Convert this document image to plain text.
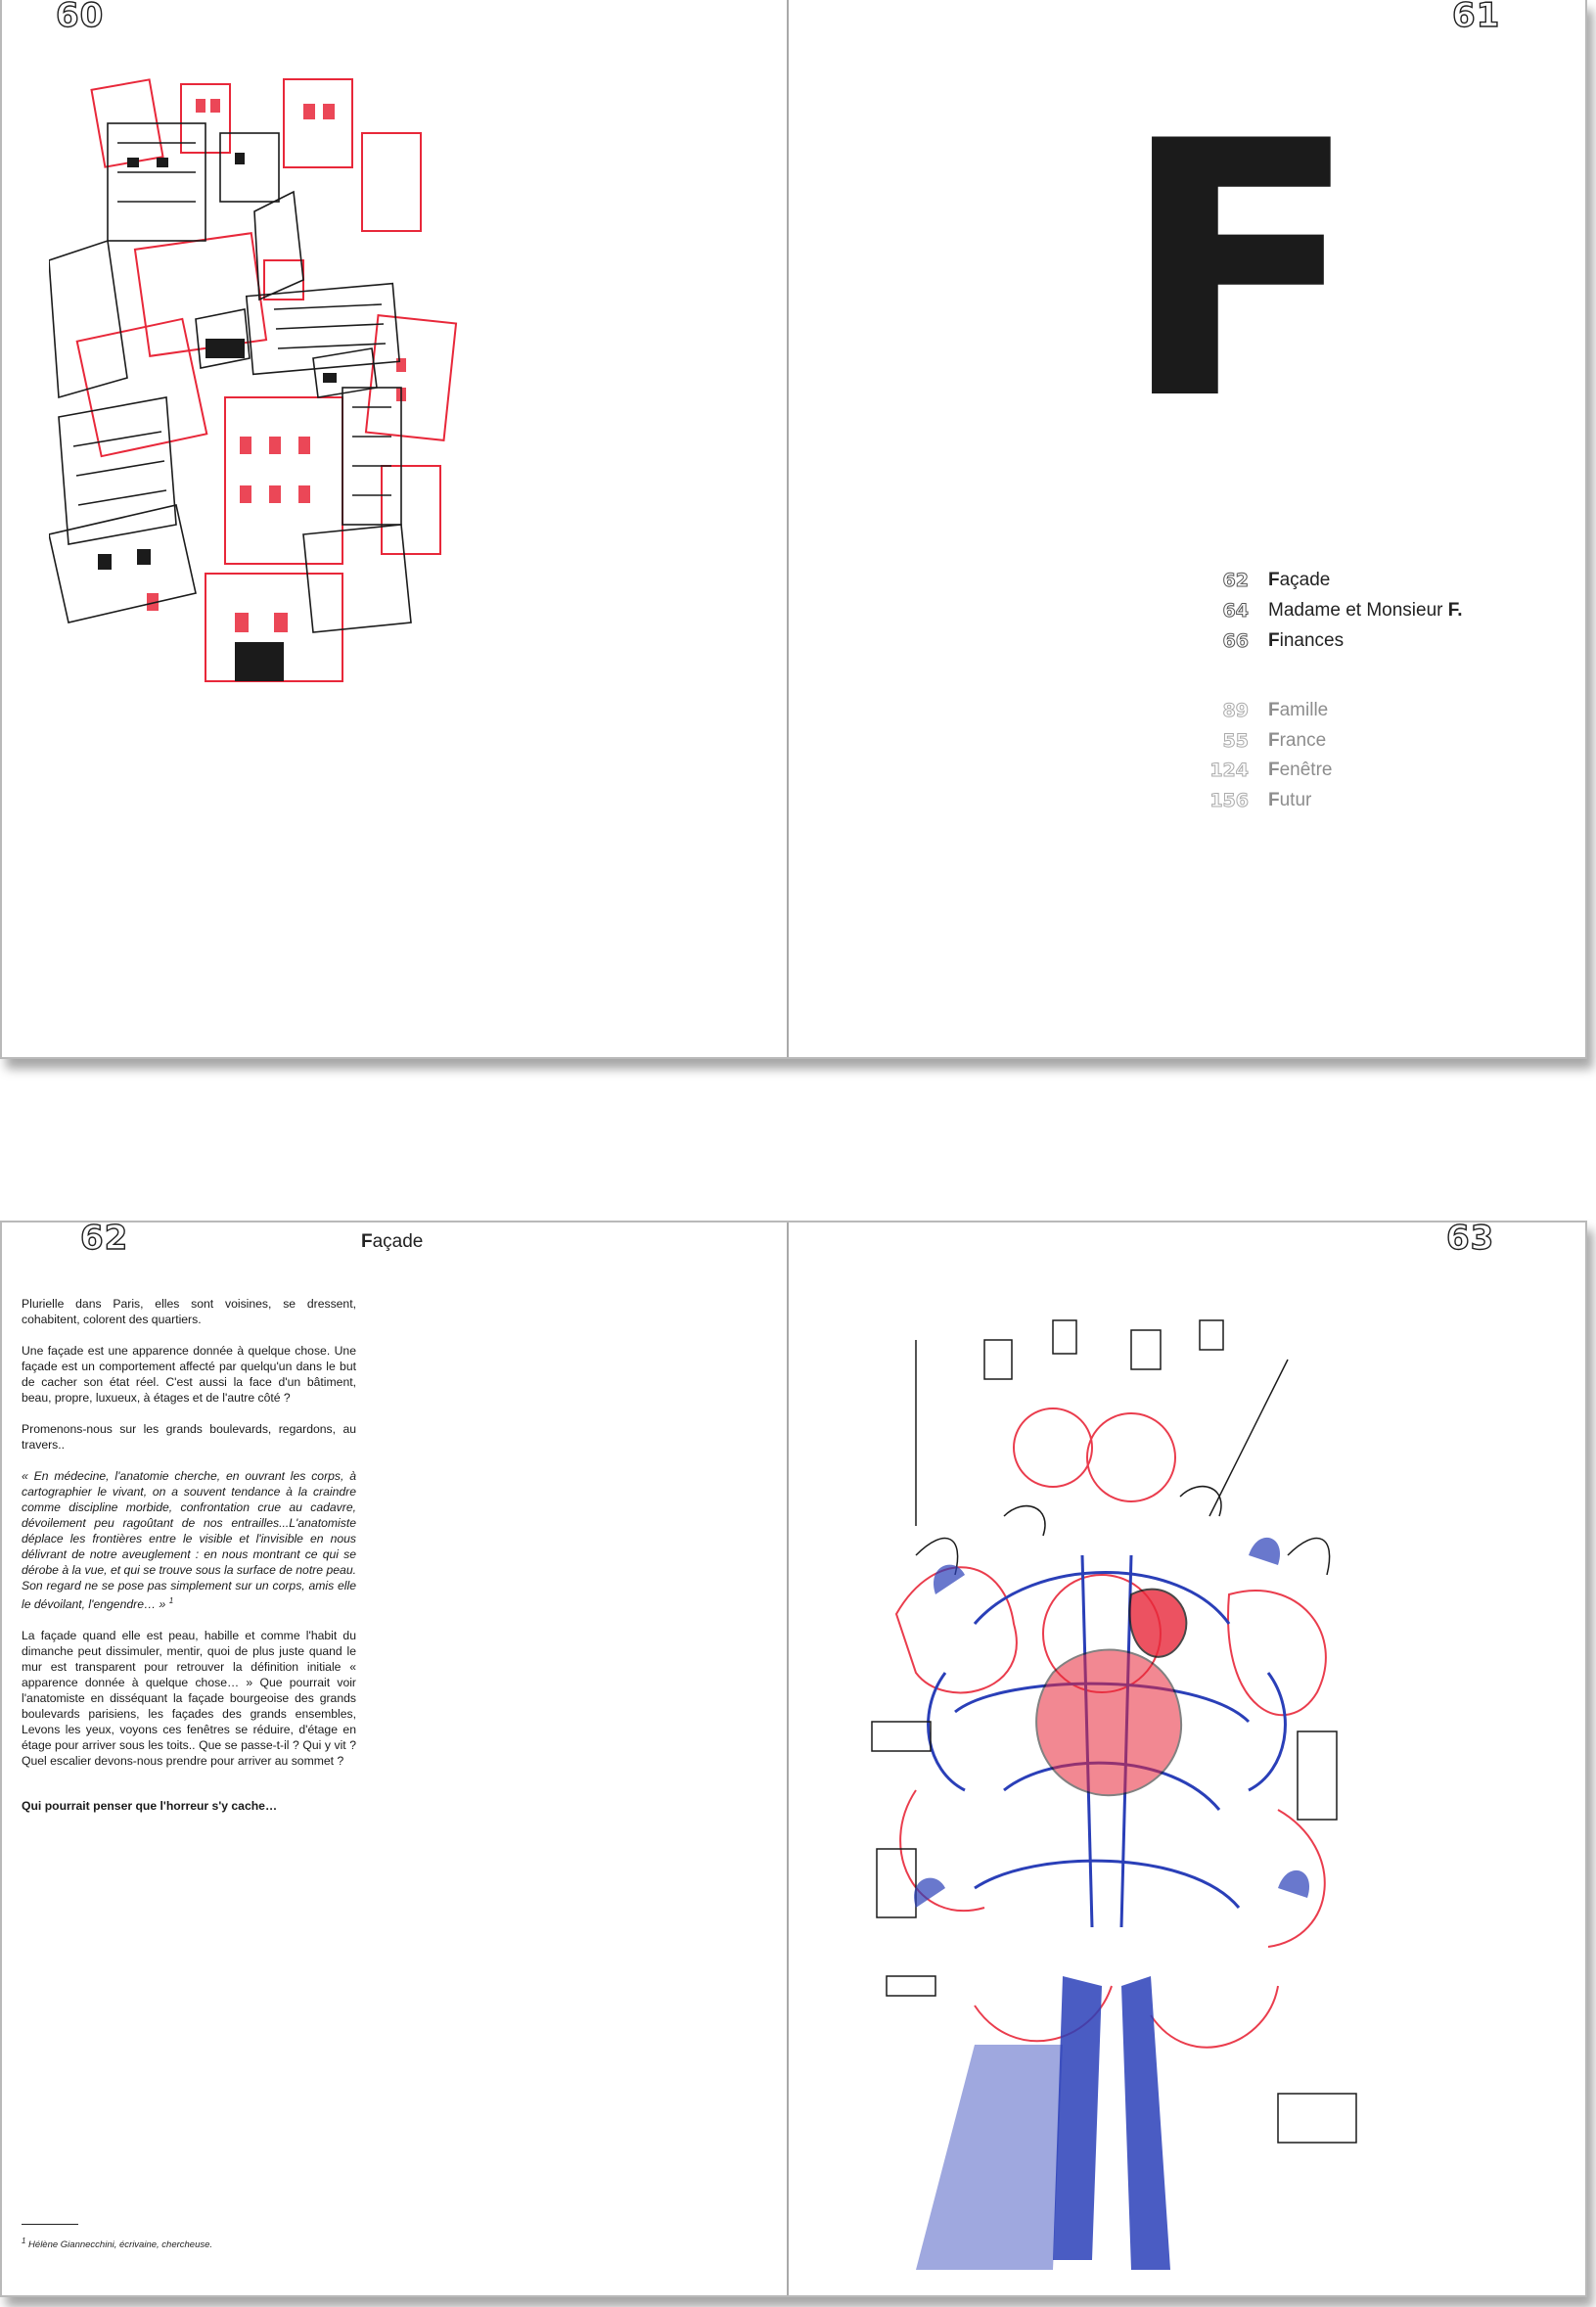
60	61
F
62 Façade
64 Madame et Monsieur F.
66 Finances
89 Famille
55 France
124 Fenêtre
156 Futur
62	Façade

Plurielle dans Paris, elles sont voisines, se dressent, cohabitent, colorent des quartiers.

Une façade est une apparence donnée à quelque chose. Une façade est un comportement affecté par quelqu'un dans le but de cacher son état réel. C'est aussi la face d'un bâtiment, beau, propre, luxueux, à étages et de l'autre côté ?

Promenons-nous sur les grands boulevards, regardons, au travers..

« En médecine, l'anatomie cherche, en ouvrant les corps, à cartographier le vivant, on a souvent tendance à la craindre comme discipline morbide, confrontation crue au cadavre, dévoilement peu ragoûtant de nos entrailles...L'anatomiste déplace les frontières entre le visible et l'invisible en nous délivrant de notre aveuglement : en nous montrant ce qui se dérobe à la vue, et qui se trouve sous la surface de notre peau. Son regard ne se pose pas simplement sur un corps, amis elle le dévoilant, l'engendre… » $^1$

La façade quand elle est peau, habille et comme l'habit du dimanche peut dissimuler, mentir, quoi de plus juste quand le mur est transparent pour retrouver la définition initiale « apparence donnée à quelque chose… » Que pourrait voir l'anatomiste en disséquant la façade bourgeoise des grands boulevards parisiens, les façades des grands ensembles, Levons les yeux, voyons ces fenêtres se réduire, d'étage en étage pour arriver sous les toits.. Que se passe-t-il ? Qui y vit ? Quel escalier devons-nous prendre pour arriver au sommet ?

Qui pourrait penser que l'horreur s'y cache…

$^1$ Hélène Giannecchini, écrivaine, chercheuse.
63
